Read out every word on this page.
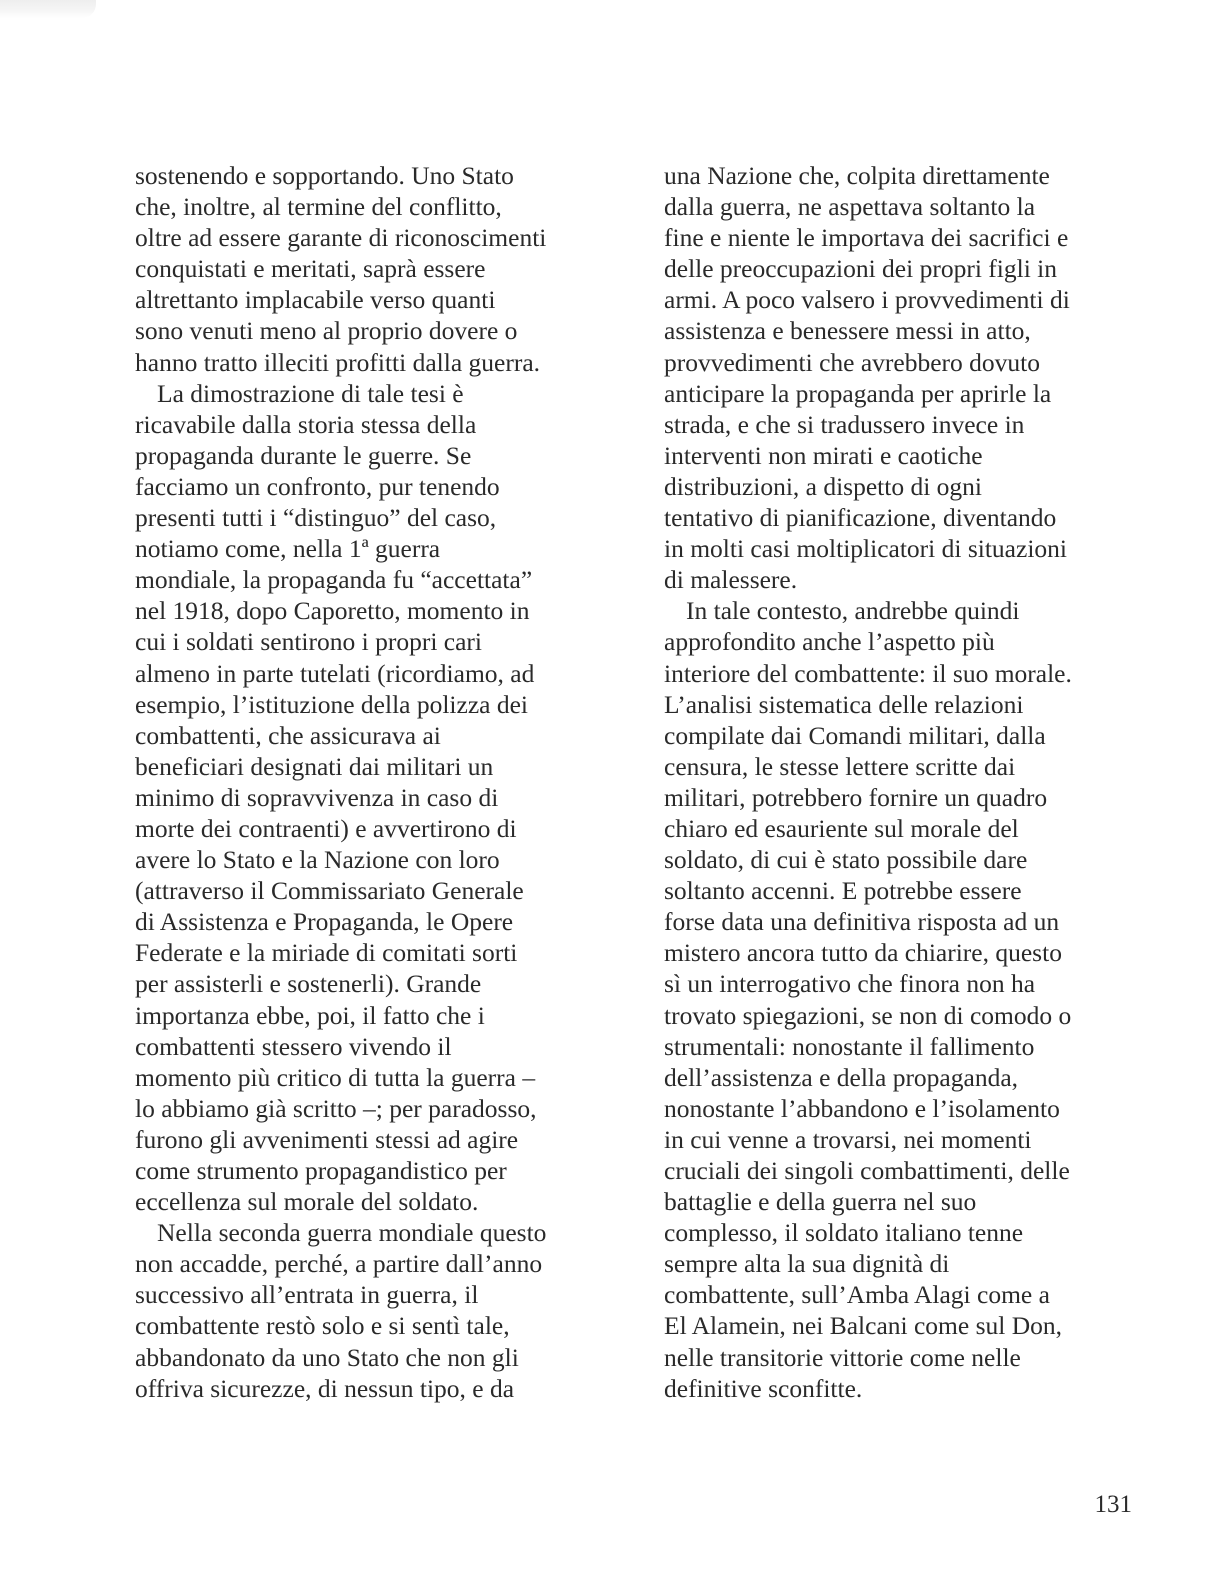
sostenendo e sopportando. Uno Stato
che, inoltre, al termine del conflitto,
oltre ad essere garante di riconoscimenti
conquistati e meritati, saprà essere
altrettanto implacabile verso quanti
sono venuti meno al proprio dovere o
hanno tratto illeciti profitti dalla guerra.
La dimostrazione di tale tesi è
ricavabile dalla storia stessa della
propaganda durante le guerre. Se
facciamo un confronto, pur tenendo
presenti tutti i “distinguo” del caso,
notiamo come, nella 1ª guerra
mondiale, la propaganda fu “accettata”
nel 1918, dopo Caporetto, momento in
cui i soldati sentirono i propri cari
almeno in parte tutelati (ricordiamo, ad
esempio, l’istituzione della polizza dei
combattenti, che assicurava ai
beneficiari designati dai militari un
minimo di sopravvivenza in caso di
morte dei contraenti) e avvertirono di
avere lo Stato e la Nazione con loro
(attraverso il Commissariato Generale
di Assistenza e Propaganda, le Opere
Federate e la miriade di comitati sorti
per assisterli e sostenerli). Grande
importanza ebbe, poi, il fatto che i
combattenti stessero vivendo il
momento più critico di tutta la guerra –
lo abbiamo già scritto –; per paradosso,
furono gli avvenimenti stessi ad agire
come strumento propagandistico per
eccellenza sul morale del soldato.
Nella seconda guerra mondiale questo
non accadde, perché, a partire dall’anno
successivo all’entrata in guerra, il
combattente restò solo e si sentì tale,
abbandonato da uno Stato che non gli
offriva sicurezze, di nessun tipo, e da
una Nazione che, colpita direttamente
dalla guerra, ne aspettava soltanto la
fine e niente le importava dei sacrifici e
delle preoccupazioni dei propri figli in
armi. A poco valsero i provvedimenti di
assistenza e benessere messi in atto,
provvedimenti che avrebbero dovuto
anticipare la propaganda per aprirle la
strada, e che si tradussero invece in
interventi non mirati e caotiche
distribuzioni, a dispetto di ogni
tentativo di pianificazione, diventando
in molti casi moltiplicatori di situazioni
di malessere.
In tale contesto, andrebbe quindi
approfondito anche l’aspetto più
interiore del combattente: il suo morale.
L’analisi sistematica delle relazioni
compilate dai Comandi militari, dalla
censura, le stesse lettere scritte dai
militari, potrebbero fornire un quadro
chiaro ed esauriente sul morale del
soldato, di cui è stato possibile dare
soltanto accenni. E potrebbe essere
forse data una definitiva risposta ad un
mistero ancora tutto da chiarire, questo
sì un interrogativo che finora non ha
trovato spiegazioni, se non di comodo o
strumentali: nonostante il fallimento
dell’assistenza e della propaganda,
nonostante l’abbandono e l’isolamento
in cui venne a trovarsi, nei momenti
cruciali dei singoli combattimenti, delle
battaglie e della guerra nel suo
complesso, il soldato italiano tenne
sempre alta la sua dignità di
combattente, sull’Amba Alagi come a
El Alamein, nei Balcani come sul Don,
nelle transitorie vittorie come nelle
definitive sconfitte.
131
